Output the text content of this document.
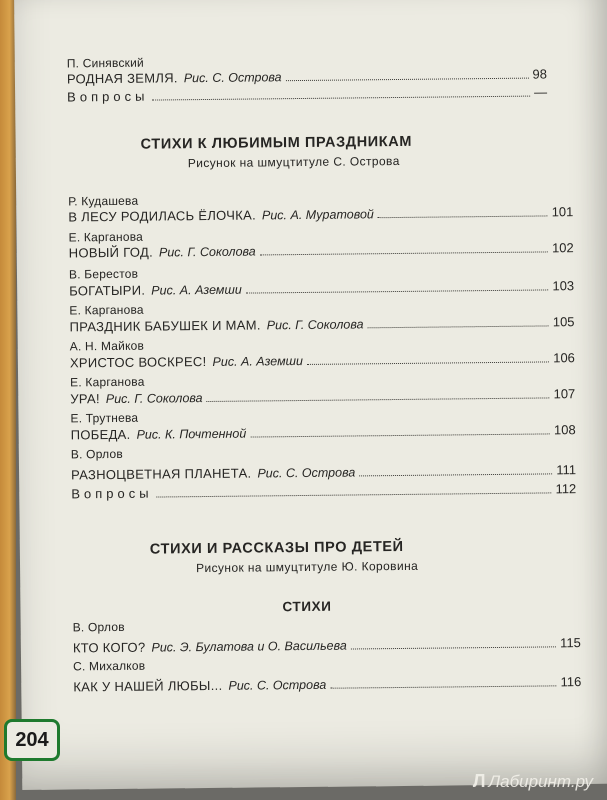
П. Синявский
РОДНАЯ ЗЕМЛЯ. Рис. С. Острова	98
Вопросы	—
СТИХИ К ЛЮБИМЫМ ПРАЗДНИКАМ
Рисунок на шмуцтитуле С. Острова
Р. Кудашева
В ЛЕСУ РОДИЛАСЬ ЁЛОЧКА. Рис. А. Муратовой	101
Е. Карганова
НОВЫЙ ГОД. Рис. Г. Соколова	102
В. Берестов
БОГАТЫРИ. Рис. А. Аземши	103
Е. Карганова
ПРАЗДНИК БАБУШЕК И МАМ. Рис. Г. Соколова	105
А. Н. Майков
ХРИСТОС ВОСКРЕС! Рис. А. Аземши	106
Е. Карганова
УРА! Рис. Г. Соколова	107
Е. Трутнева
ПОБЕДА. Рис. К. Почтенной	108
В. Орлов
РАЗНОЦВЕТНАЯ ПЛАНЕТА. Рис. С. Острова	111
Вопросы	112
СТИХИ И РАССКАЗЫ ПРО ДЕТЕЙ
Рисунок на шмуцтитуле Ю. Коровина
СТИХИ
В. Орлов
КТО КОГО? Рис. Э. Булатова и О. Васильева	115
С. Михалков
КАК У НАШЕЙ ЛЮБЫ... Рис. С. Острова	116
204
Л Лабиринт.ру
